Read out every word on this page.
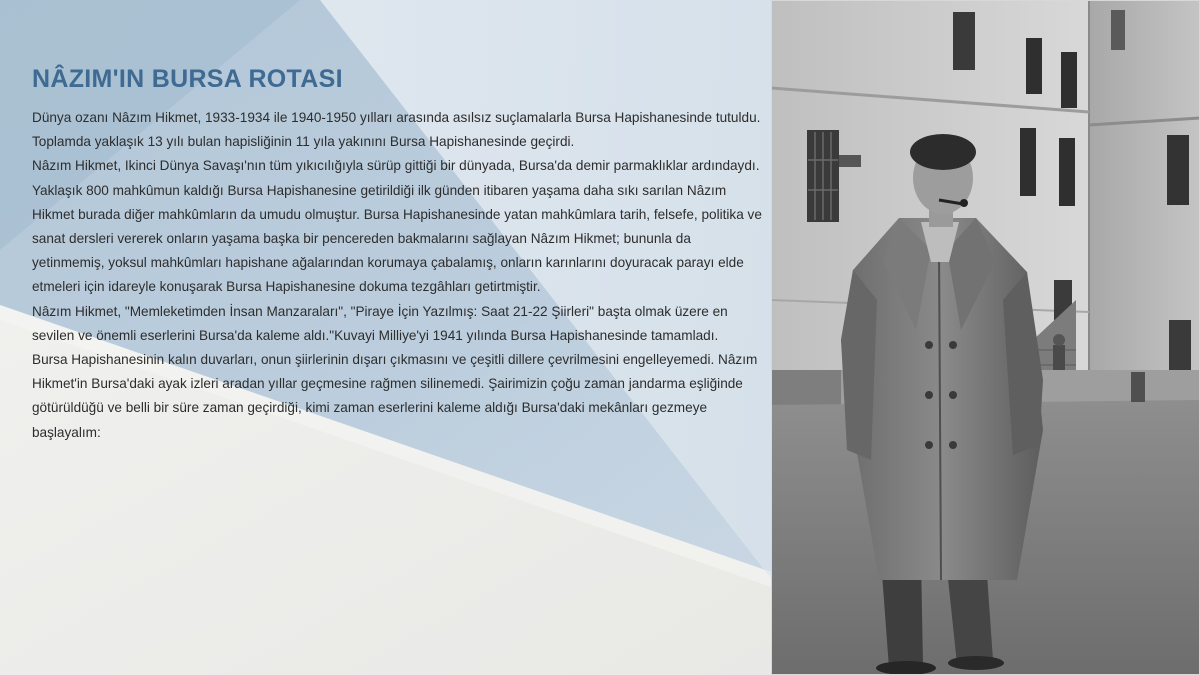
NÂZIM'IN BURSA ROTASI

Dünya ozanı Nâzım Hikmet, 1933-1934 ile 1940-1950 yılları arasında asılsız suçlamalarla Bursa Hapishanesinde tutuldu. Toplamda yaklaşık 13 yılı bulan hapisliğinin 11 yıla yakınını Bursa Hapishanesinde geçirdi.

Nâzım Hikmet, Ikinci Dünya Savaşı'nın tüm yıkıcılığıyla sürüp gittiği bir dünyada, Bursa'da demir parmaklıklar ardındaydı.

Yaklaşık 800 mahkûmun kaldığı Bursa Hapishanesine getirildiği ilk günden itibaren yaşama daha sıkı sarılan Nâzım Hikmet burada diğer mahkûmların da umudu olmuştur. Bursa Hapishanesinde yatan mahkûmlara tarih, felsefe, politika ve sanat dersleri vererek onların yaşama başka bir pencereden bakmalarını sağlayan Nâzım Hikmet; bununla da yetinmemiş, yoksul mahkûmları hapishane ağalarından korumaya çabalamış, onların karınlarını doyuracak parayı elde etmeleri için idareyle konuşarak Bursa Hapishanesine dokuma tezgâhları getirtmiştir.

Nâzım Hikmet, "Memleketimden İnsan Manzaraları", "Piraye İçin Yazılmış: Saat 21-22 Şiirleri" başta olmak üzere en sevilen ve önemli eserlerini Bursa'da kaleme aldı."Kuvayi Milliye'yi 1941 yılında Bursa Hapishanesinde tamamladı.

Bursa Hapishanesinin kalın duvarları, onun şiirlerinin dışarı çıkmasını ve çeşitli dillere çevrilmesini engelleyemedi. Nâzım Hikmet'in Bursa'daki ayak izleri aradan yıllar geçmesine rağmen silinemedi. Şairimizin çoğu zaman jandarma eşliğinde götürüldüğü ve belli bir süre zaman geçirdiği, kimi zaman eserlerini kaleme aldığı Bursa'daki mekânları gezmeye başlayalım:
